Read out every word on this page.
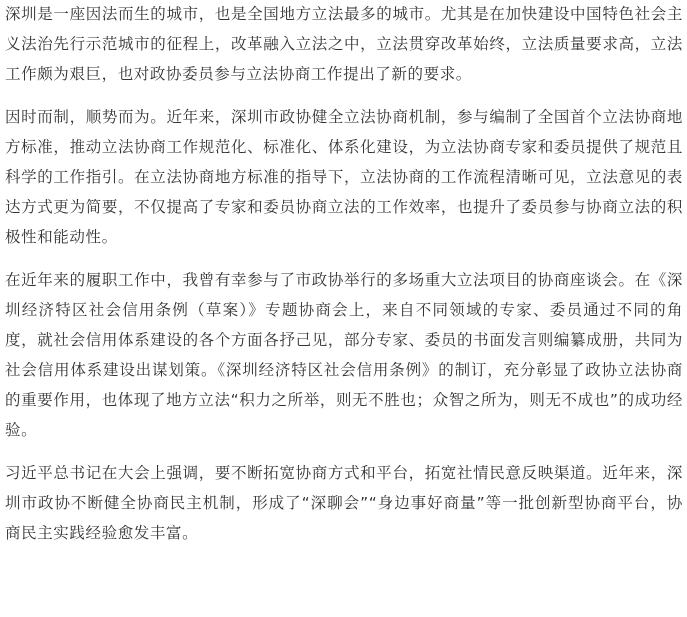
深圳是一座因法而生的城市，也是全国地方立法最多的城市。尤其是在加快建设中国特色社会主义法治先行示范城市的征程上，改革融入立法之中，立法贯穿改革始终，立法质量要求高，立法工作颇为艰巨，也对政协委员参与立法协商工作提出了新的要求。

因时而制，顺势而为。近年来，深圳市政协健全立法协商机制，参与编制了全国首个立法协商地方标准，推动立法协商工作规范化、标准化、体系化建设，为立法协商专家和委员提供了规范且科学的工作指引。在立法协商地方标准的指导下，立法协商的工作流程清晰可见，立法意见的表达方式更为简要，不仅提高了专家和委员协商立法的工作效率，也提升了委员参与协商立法的积极性和能动性。

在近年来的履职工作中，我曾有幸参与了市政协举行的多场重大立法项目的协商座谈会。在《深圳经济特区社会信用条例（草案）》专题协商会上，来自不同领域的专家、委员通过不同的角度，就社会信用体系建设的各个方面各抒己见，部分专家、委员的书面发言则编纂成册，共同为社会信用体系建设出谋划策。《深圳经济特区社会信用条例》的制订，充分彰显了政协立法协商的重要作用，也体现了地方立法“积力之所举，则无不胜也；众智之所为，则无不成也”的成功经验。

习近平总书记在大会上强调，要不断拓宽协商方式和平台，拓宽社情民意反映渠道。近年来，深圳市政协不断健全协商民主机制，形成了“深聊会”“身边事好商量”等一批创新型协商平台，协商民主实践经验愈发丰富。
